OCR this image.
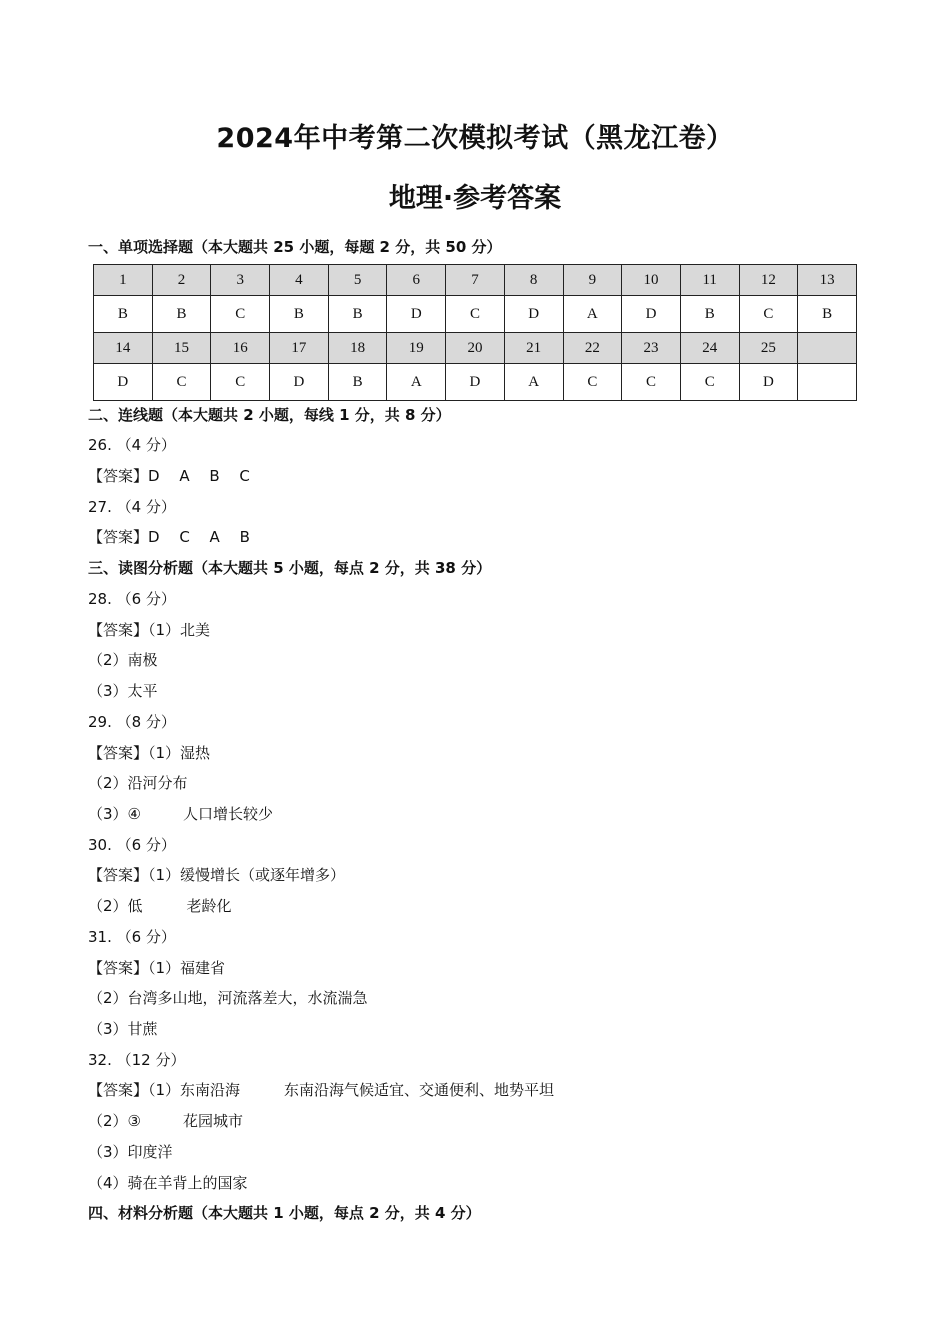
2024年中考第二次模拟考试（黑龙江卷）
地理·参考答案
一、单项选择题（本大题共 25 小题，每题 2 分，共 50 分）
1	2	3	4	5	6	7	8	9	10	11	12	13
B	B	C	B	B	D	C	D	A	D	B	C	B
14	15	16	17	18	19	20	21	22	23	24	25	
D	C	C	D	B	A	D	A	C	C	C	D	
二、连线题（本大题共 2 小题，每线 1 分，共 8 分）
26. （4 分）
【答案】D　 A　 B　 C
27. （4 分）
【答案】D　 C　 A　 B
三、读图分析题（本大题共 5 小题，每点 2 分，共 38 分）
28. （6 分）
【答案】（1）北美
（2）南极
（3）太平
29. （8 分）
【答案】（1）湿热
（2）沿河分布
（3）④	人口增长较少
30. （6 分）
【答案】（1）缓慢增长（或逐年增多）
（2）低	老龄化
31. （6 分）
【答案】（1）福建省
（2）台湾多山地，河流落差大，水流湍急
（3）甘蔗
32. （12 分）
【答案】（1）东南沿海	东南沿海气候适宜、交通便利、地势平坦
（2）③	花园城市
（3）印度洋
（4）骑在羊背上的国家
四、材料分析题（本大题共 1 小题，每点 2 分，共 4 分）
